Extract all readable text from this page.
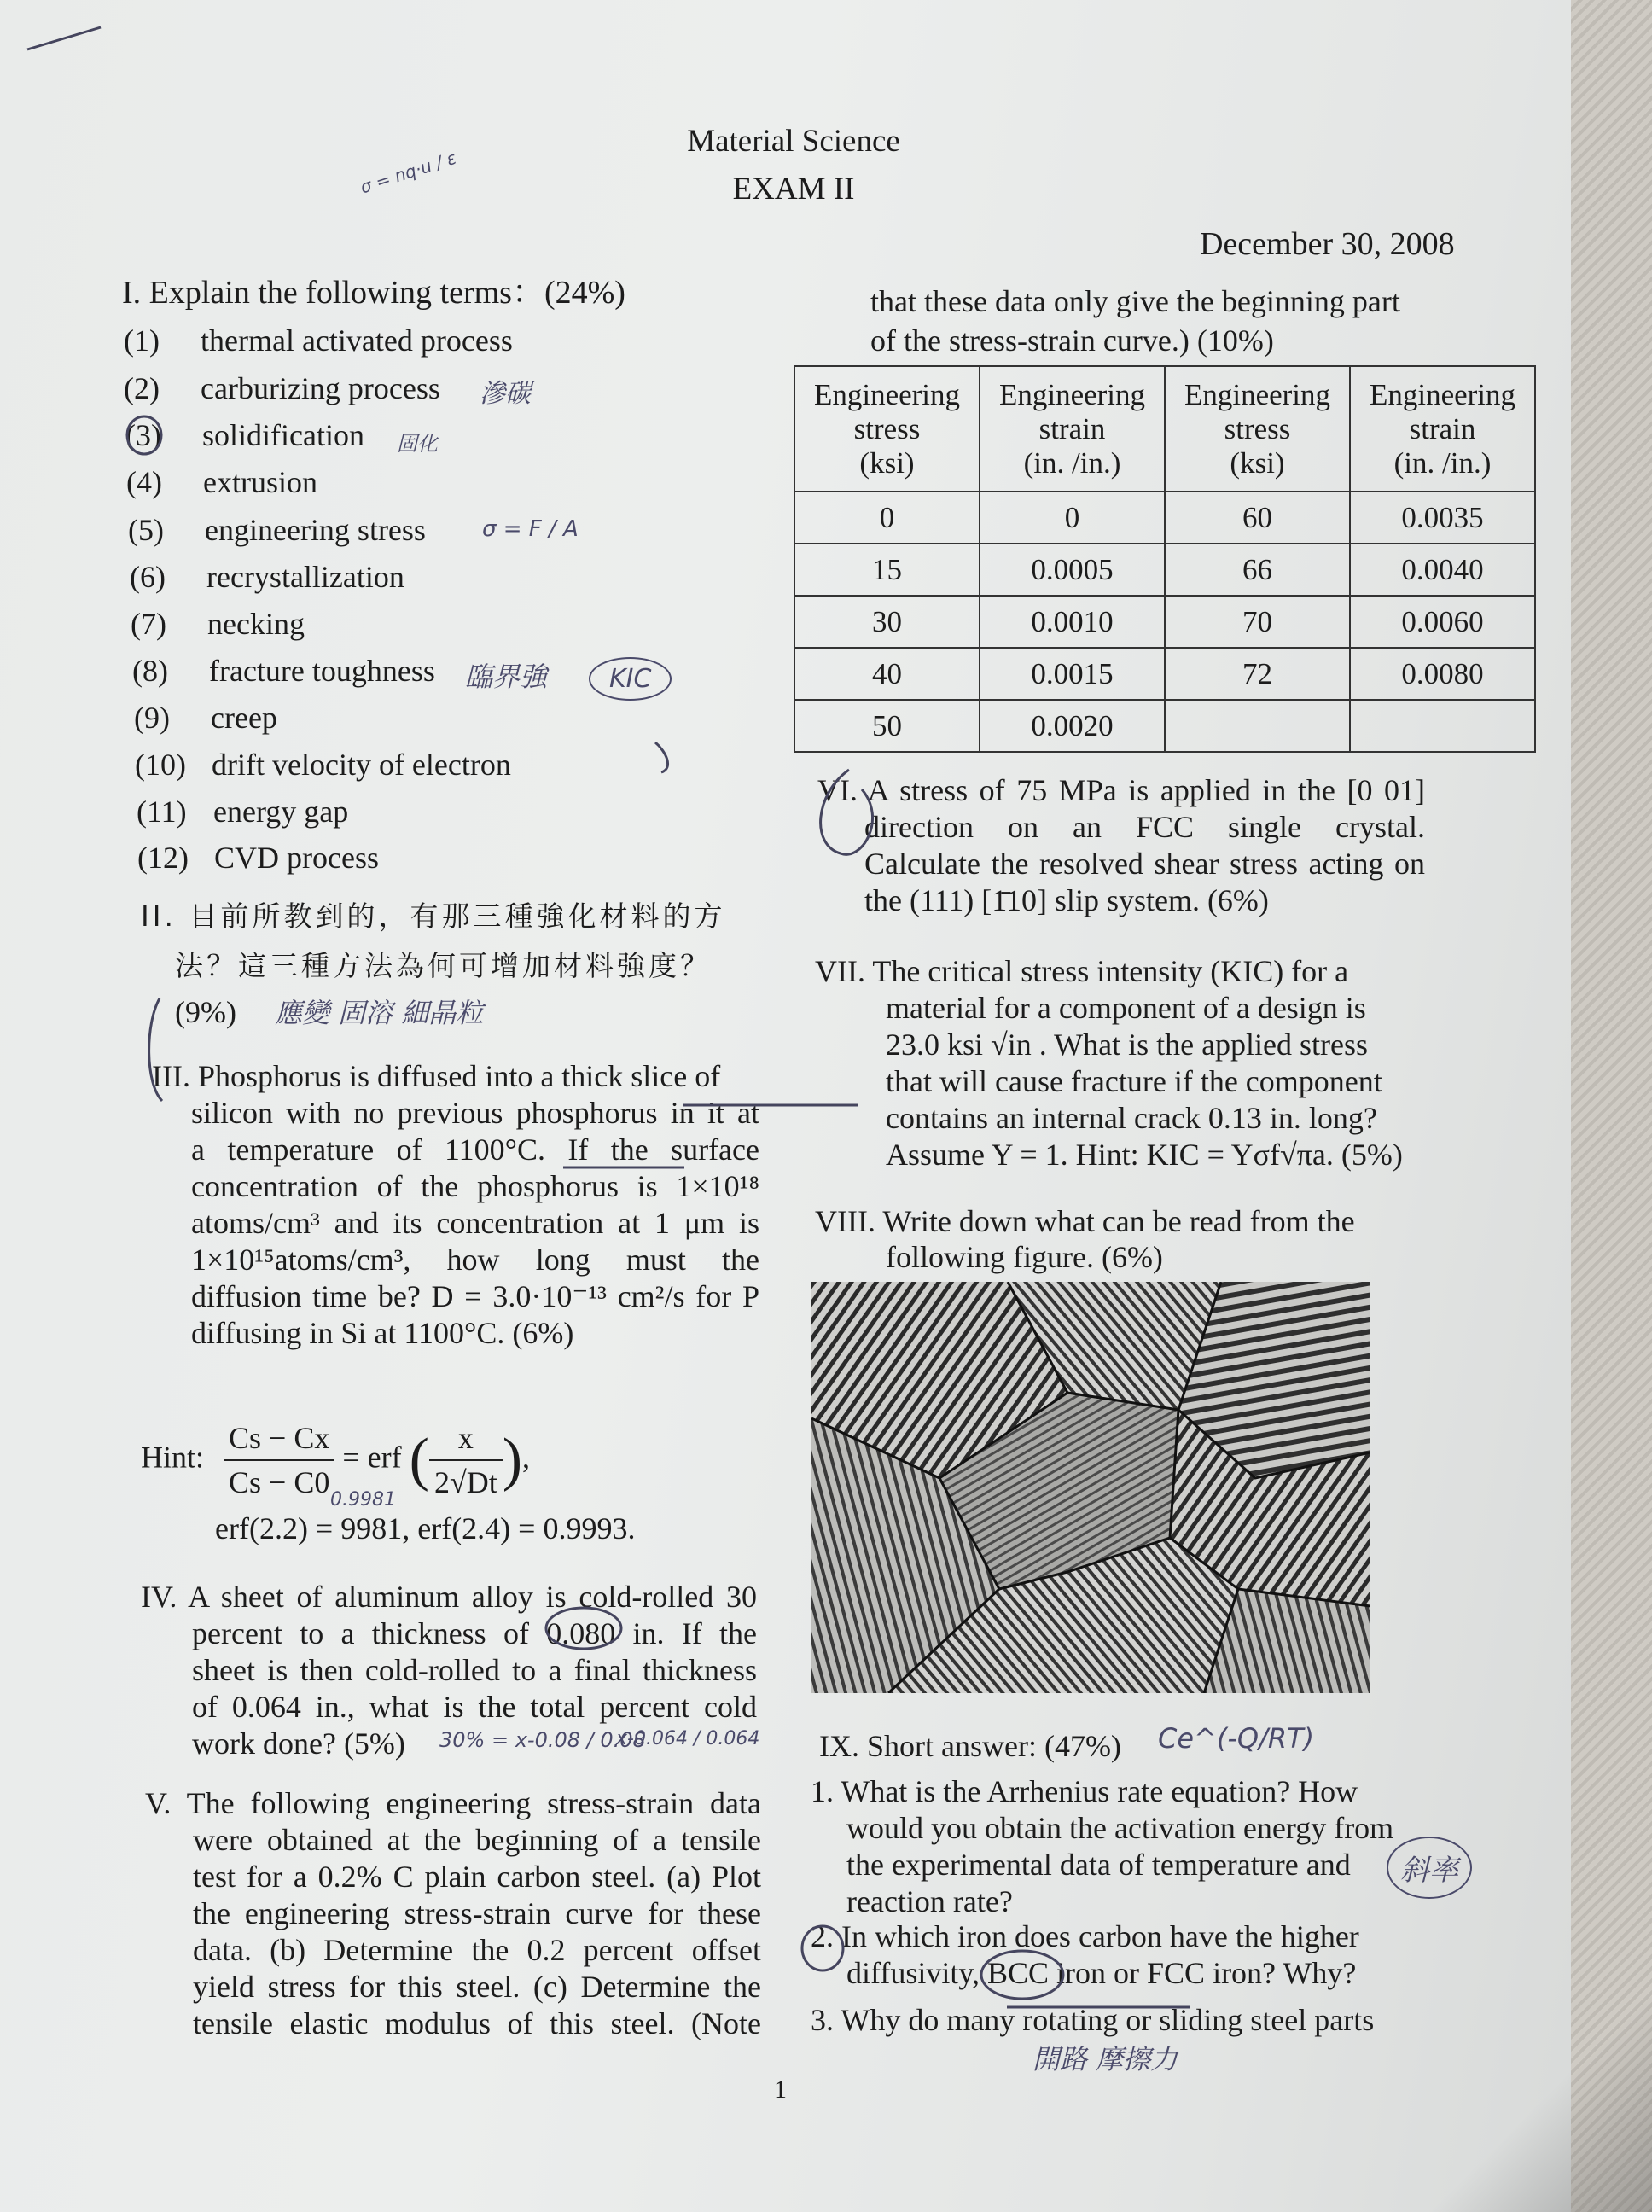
Material Science
EXAM II
December 30, 2008
I. Explain the following terms：(24%)
(1) thermal activated process
(2) carburizing process
(3) solidification
(4) extrusion
(5) engineering stress
(6) recrystallization
(7) necking
(8) fracture toughness
(9) creep
(10) drift velocity of electron
(11) energy gap
(12) CVD process
II. 目前所教到的，有那三種強化材料的方
法？這三種方法為何可增加材料強度？
(9%)
III. Phosphorus is diffused into a thick slice of
silicon with no previous phosphorus in it at
a temperature of 1100°C. If the surface
concentration of the phosphorus is 1×10¹⁸
atoms/cm³ and its concentration at 1 μm is
1×10¹⁵atoms/cm³, how long must the
diffusion time be? D = 3.0·10⁻¹³ cm²/s for P
diffusing in Si at 1100°C. (6%)
Hint: $\frac{Cs - Cx}{Cs - C0}$ = erf ( $\frac{x}{2√Dt}$ ),
erf(2.2) = 9981, erf(2.4) = 0.9993.
IV. A sheet of aluminum alloy is cold-rolled 30
percent to a thickness of 0.080 in. If the
sheet is then cold-rolled to a final thickness
of 0.064 in., what is the total percent cold
work done? (5%)
V. The following engineering stress-strain data
were obtained at the beginning of a tensile
test for a 0.2% C plain carbon steel. (a) Plot
the engineering stress-strain curve for these
data. (b) Determine the 0.2 percent offset
yield stress for this steel. (c) Determine the
tensile elastic modulus of this steel. (Note
that these data only give the beginning part
of the stress-strain curve.) (10%)
Engineering
stress
(ksi)	Engineering
strain
(in. /in.)	Engineering
stress
(ksi)	Engineering
strain
(in. /in.)
0	0	60	0.0035
15	0.0005	66	0.0040
30	0.0010	70	0.0060
40	0.0015	72	0.0080
50	0.0020		
VI. A stress of 75 MPa is applied in the [0 01]
direction on an FCC single crystal.
Calculate the resolved shear stress acting on
the (111) [1̄10] slip system. (6%)
VII. The critical stress intensity (KIC) for a
material for a component of a design is
23.0 ksi √in . What is the applied stress
that will cause fracture if the component
contains an internal crack 0.13 in. long?
Assume Y = 1. Hint: KIC = Yσf√πa. (5%)
VIII. Write down what can be read from the
following figure. (6%)
IX. Short answer: (47%)
1. What is the Arrhenius rate equation? How
would you obtain the activation energy from
the experimental data of temperature and
reaction rate?
2. In which iron does carbon have the higher
diffusivity, BCC iron or FCC iron? Why?
3. Why do many rotating or sliding steel parts
1
σ = nq·u / ε
滲碳
固化
σ = F / A
臨界強	KIC
應變 固溶 細晶粒
0.9981
30% = x-0.08 / 0.08
x-0.064 / 0.064	Ce^(-Q/RT)
斜率
開路 摩擦力
